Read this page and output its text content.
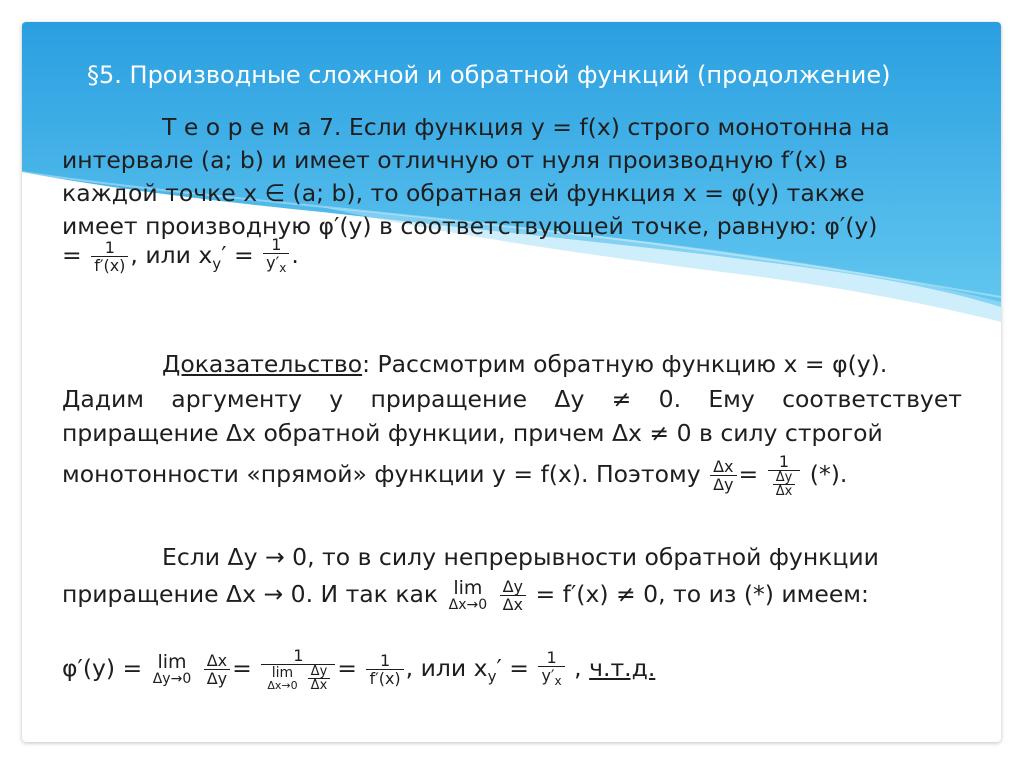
§5. Производные сложной и обратной функций (продолжение)
Т е о р е м а 7. Если функция y = f(x) строго монотонна на
интервале (a; b) и имеет отличную от нуля производную f′(x) в
каждой точке x ∈ (a; b), то обратная ей функция x = φ(y) также
имеет производную φ′(y) в соответствующей точке, равную: φ′(y)
= $\frac{1}{f'(x)}$ , или $x_y' = \frac{1}{y'_x}$ .
Доказательство: Рассмотрим обратную функцию x = φ(y).
Дадим аргументу y приращение Δy ≠ 0. Ему соответствует
приращение Δx обратной функции, причем Δx ≠ 0 в силу строгой
монотонности «прямой» функции y = f(x). Поэтому $\frac{\Delta x}{\Delta y} = \frac{1}{\frac{\Delta y}{\Delta x}}$ (*).
Если Δy → 0, то в силу непрерывности обратной функции
приращение Δx → 0. И так как lim
Δx→0
$\frac{\Delta y}{\Delta x} = f'(x) \ne 0$, то из (*) имеем:
φ′(y) = lim
Δy→0
$\frac{\Delta x}{\Delta y}$ =	1
lim
Δx→0
$\frac{\Delta y}{\Delta x} = \frac{1}{f'(x)}$ , или $x_y' = \frac{1}{y'_x}$ , ч.т.д.
